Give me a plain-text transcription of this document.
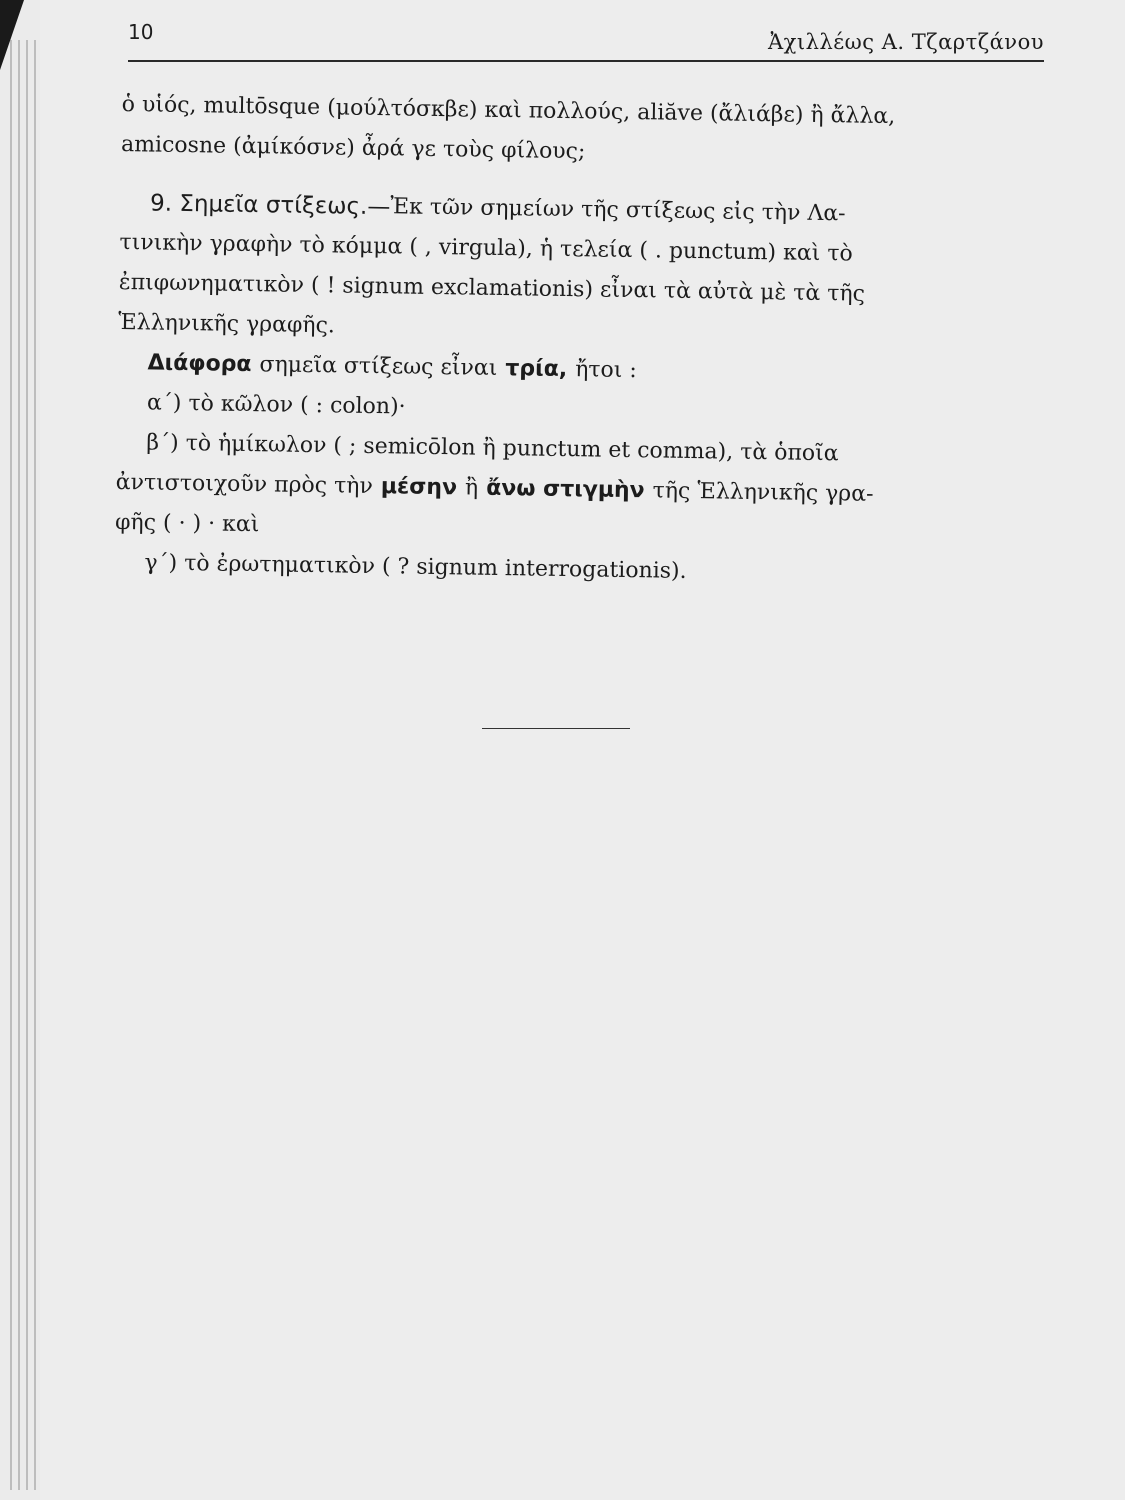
10	Ἀχιλλέως Α. Τζαρτζάνου
ὁ υἱός, multōsque (μούλτόσκβε) καὶ πολλούς, aliăve (ἄλιάβε) ἢ ἄλλα,
amicosne (ἀμίκόσνε) ἆρά γε τοὺς φίλους;
9. Σημεῖα στίξεως.— Ἐκ τῶν σημείων τῆς στίξεως εἰς τὴν Λα-
τινικὴν γραφὴν τὸ κόμμα ( , virgula), ἡ τελεία ( . punctum) καὶ τὸ
ἐπιφωνηματικὸν ( ! signum exclamationis) εἶναι τὰ αὐτὰ μὲ τὰ τῆς
Ἑλληνικῆς γραφῆς.
Διάφορα σημεῖα στίξεως εἶναι τρία, ἤτοι :
α΄) τὸ κῶλον ( : colon)·
β΄) τὸ ἡμίκωλον ( ; semicōlon ἢ punctum et comma), τὰ ὁποῖα
ἀντιστοιχοῦν πρὸς τὴν μέσην ἢ ἄνω στιγμὴν τῆς Ἑλληνικῆς γρα-
φῆς ( · ) · καὶ
γ΄) τὸ ἐρωτηματικὸν ( ? signum interrogationis).
